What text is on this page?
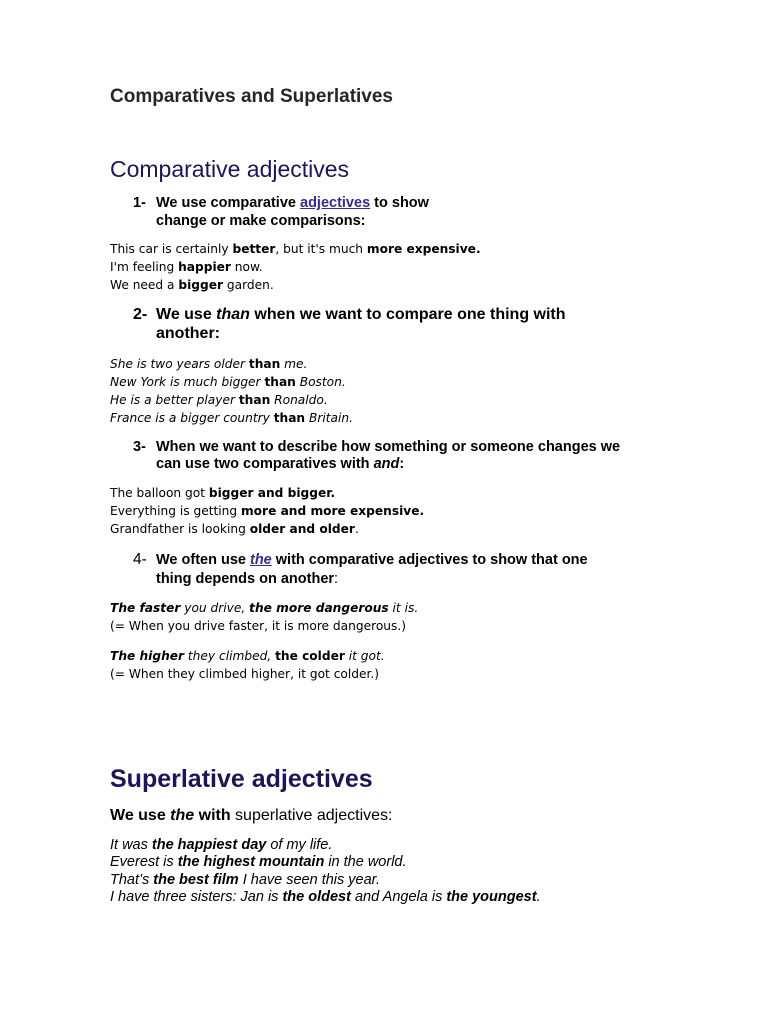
Comparatives and Superlatives
Comparative adjectives
1- We use comparative adjectives to show
change or make comparisons:
This car is certainly better, but it's much more expensive.
I'm feeling happier now.
We need a bigger garden.
2- We use than when we want to compare one thing with
another:
She is two years older than me.
New York is much bigger than Boston.
He is a better player than Ronaldo.
France is a bigger country than Britain.
3- When we want to describe how something or someone changes we
can use two comparatives with and:
The balloon got bigger and bigger.
Everything is getting more and more expensive.
Grandfather is looking older and older.
4- We often use the with comparative adjectives to show that one
thing depends on another:
The faster you drive, the more dangerous it is.
(= When you drive faster, it is more dangerous.)
The higher they climbed, the colder it got.
(= When they climbed higher, it got colder.)
Superlative adjectives
We use the with superlative adjectives:
It was the happiest day of my life.
Everest is the highest mountain in the world.
That’s the best film I have seen this year.
I have three sisters: Jan is the oldest and Angela is the youngest.
